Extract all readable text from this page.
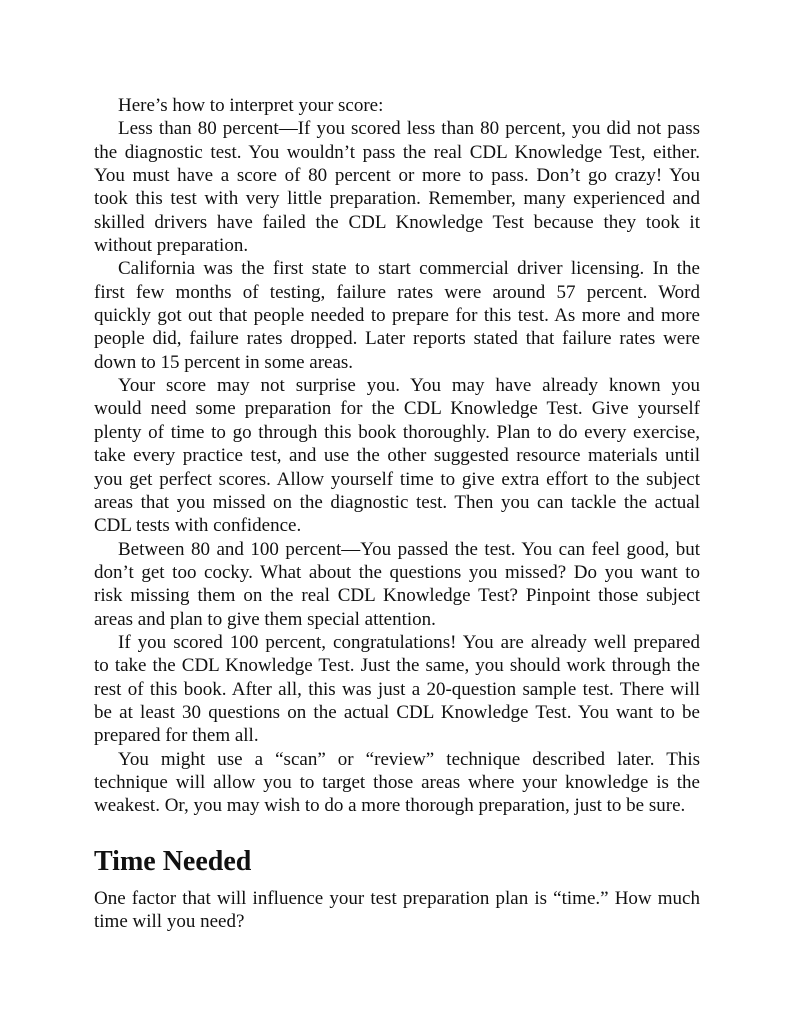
Here’s how to interpret your score:
Less than 80 percent—If you scored less than 80 percent, you did not pass
the diagnostic test. You wouldn’t pass the real CDL Knowledge Test, either.
You must have a score of 80 percent or more to pass. Don’t go crazy! You
took this test with very little preparation. Remember, many experienced and
skilled drivers have failed the CDL Knowledge Test because they took it
without preparation.
California was the first state to start commercial driver licensing. In the
first few months of testing, failure rates were around 57 percent. Word
quickly got out that people needed to prepare for this test. As more and more
people did, failure rates dropped. Later reports stated that failure rates were
down to 15 percent in some areas.
Your score may not surprise you. You may have already known you
would need some preparation for the CDL Knowledge Test. Give yourself
plenty of time to go through this book thoroughly. Plan to do every exercise,
take every practice test, and use the other suggested resource materials until
you get perfect scores. Allow yourself time to give extra effort to the subject
areas that you missed on the diagnostic test. Then you can tackle the actual
CDL tests with confidence.
Between 80 and 100 percent—You passed the test. You can feel good, but
don’t get too cocky. What about the questions you missed? Do you want to
risk missing them on the real CDL Knowledge Test? Pinpoint those subject
areas and plan to give them special attention.
If you scored 100 percent, congratulations! You are already well prepared
to take the CDL Knowledge Test. Just the same, you should work through the
rest of this book. After all, this was just a 20-question sample test. There will
be at least 30 questions on the actual CDL Knowledge Test. You want to be
prepared for them all.
You might use a “scan” or “review” technique described later. This
technique will allow you to target those areas where your knowledge is the
weakest. Or, you may wish to do a more thorough preparation, just to be sure.
Time Needed
One factor that will influence your test preparation plan is “time.” How much
time will you need?
